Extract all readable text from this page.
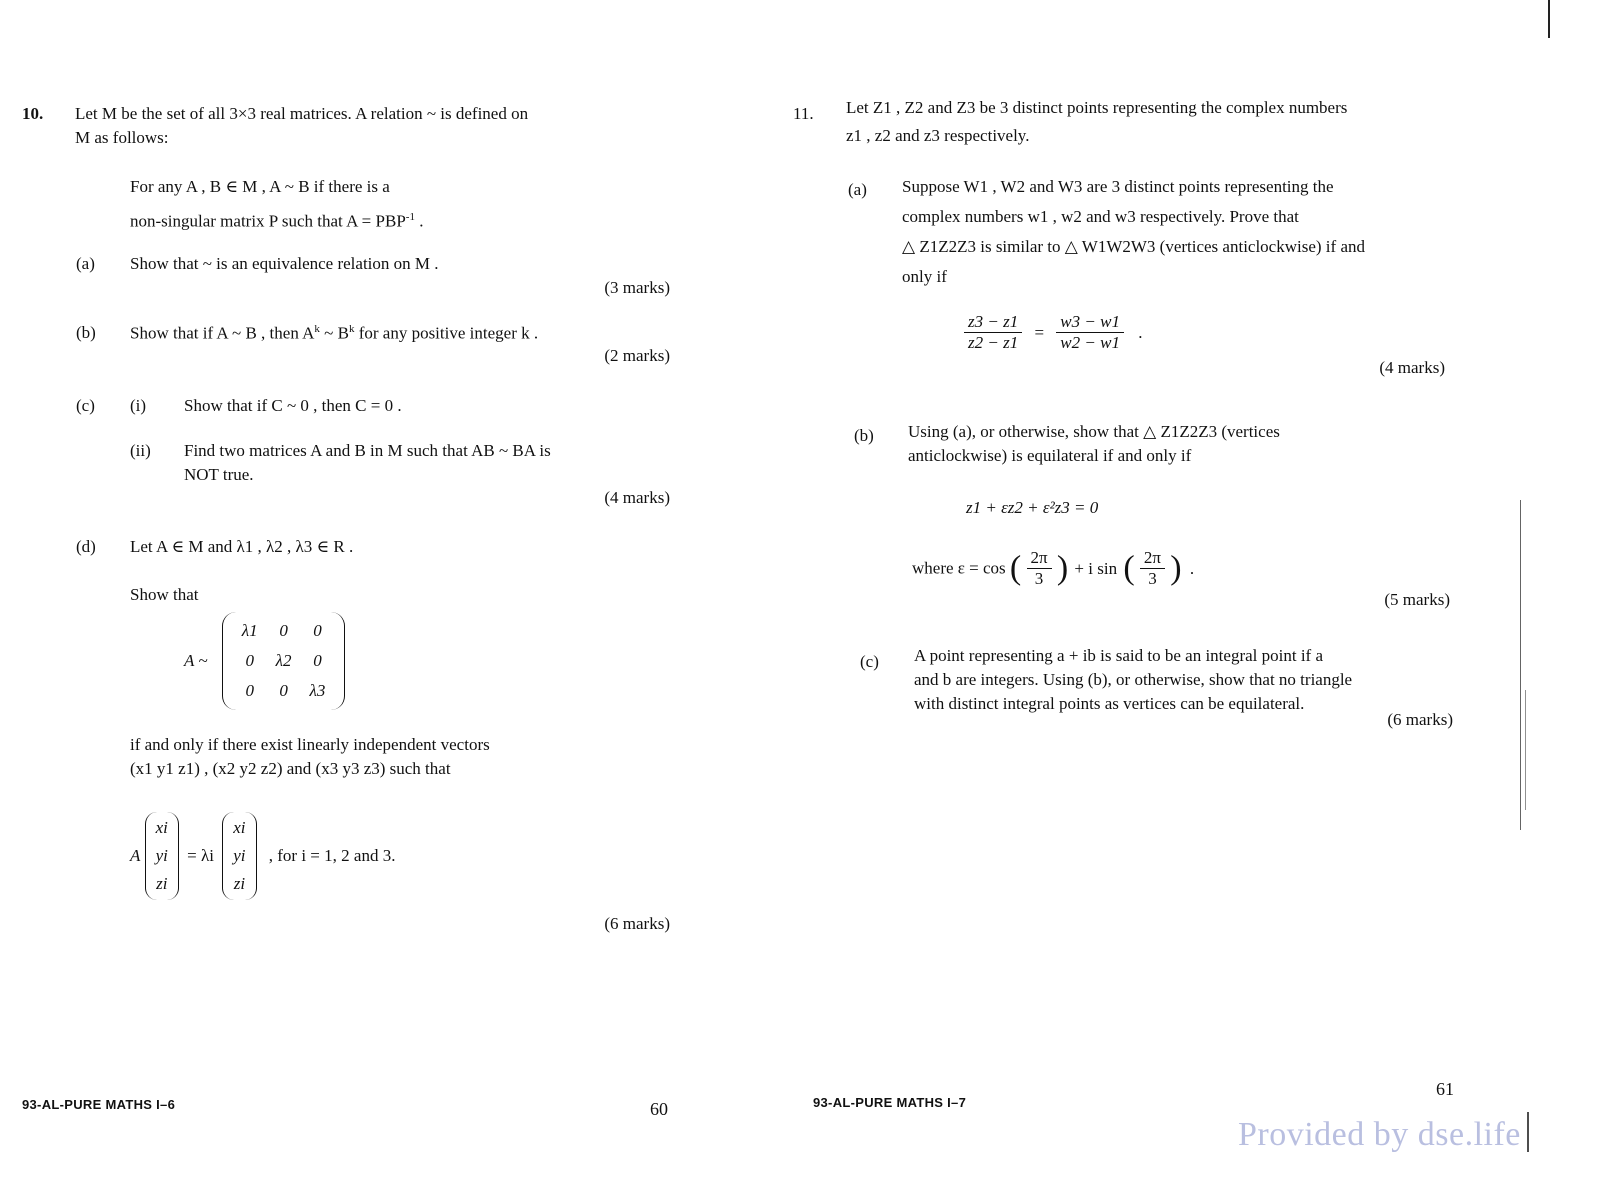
10. Let M be the set of all 3×3 real matrices. A relation ~ is defined on
M as follows:
For any A , B ∈ M , A ~ B if there is a
non-singular matrix P such that $A = PBP^{-1}$ .
(a) Show that ~ is an equivalence relation on M .
(3 marks)
(b) Show that if A ~ B , then $A^k$ ~ $B^k$ for any positive integer k .
(2 marks)
(c) (i) Show that if C ~ 0 , then C = 0 .
(ii) Find two matrices A and B in M such that AB ~ BA is
NOT true.
(4 marks)
(d) Let A ∈ M and λ1 , λ2 , λ3 ∈ R .
Show that
A ~
λ1	0	0
0	λ2	0
0	0	λ3
if and only if there exist linearly independent vectors
(x1 y1 z1) , (x2 y2 z2) and (x3 y3 z3) such that
A
xi
yi
zi
= λi
xi
yi
zi
, for i = 1, 2 and 3.
(6 marks)
93-AL-PURE MATHS I–6	60
11. Let Z1 , Z2 and Z3 be 3 distinct points representing the complex numbers
z1 , z2 and z3 respectively.
(a) Suppose W1 , W2 and W3 are 3 distinct points representing the
complex numbers w1 , w2 and w3 respectively. Prove that
△ Z1Z2Z3 is similar to △ W1W2W3 (vertices anticlockwise) if and
only if
$\frac{z3 - z1}{z2 - z1} = \frac{w3 - w1}{w2 - w1}$ .
(4 marks)
(b) Using (a), or otherwise, show that △ Z1Z2Z3 (vertices
anticlockwise) is equilateral if and only if
z1 + εz2 + ε²z3 = 0
where ε = cos ( $\frac{2\pi}{3}$ ) + i sin ( $\frac{2\pi}{3}$ ) .
(5 marks)
(c) A point representing a + ib is said to be an integral point if a
and b are integers. Using (b), or otherwise, show that no triangle
with distinct integral points as vertices can be equilateral.
(6 marks)
93-AL-PURE MATHS I–7
61
Provided by dse.life
